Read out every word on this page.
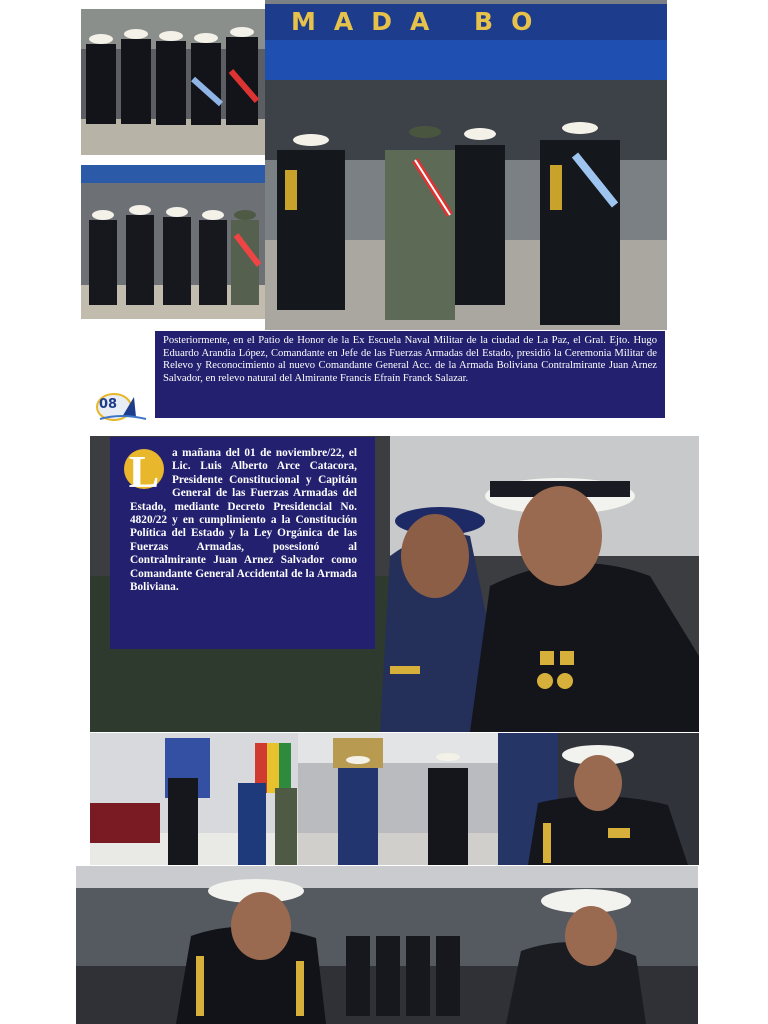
MADA BO
08
Posteriormente, en el Patio de Honor de la Ex Escuela Naval Militar de la ciudad de La Paz, el Gral. Ejto. Hugo Eduardo Arandia López, Comandante en Jefe de las Fuerzas Armadas del Estado, presidió la Ceremonia Militar de Relevo y Reconocimiento al nuevo Comandante General Acc. de la Armada Boliviana Contralmirante Juan Arnez Salvador, en relevo natural del Almirante Francis Efraín Franck Salazar.
L	a mañana del 01 de noviembre/22, el Lic. Luis Alberto Arce Catacora, Presidente Constitucional y Capitán General de las Fuerzas Armadas del Estado, mediante Decreto Presidencial No. 4820/22 y en cumplimiento a la Constitución Política del Estado y la Ley Orgánica de las Fuerzas Armadas, posesionó al Contralmirante Juan Arnez Salvador como Comandante General Accidental de la Armada Boliviana.
